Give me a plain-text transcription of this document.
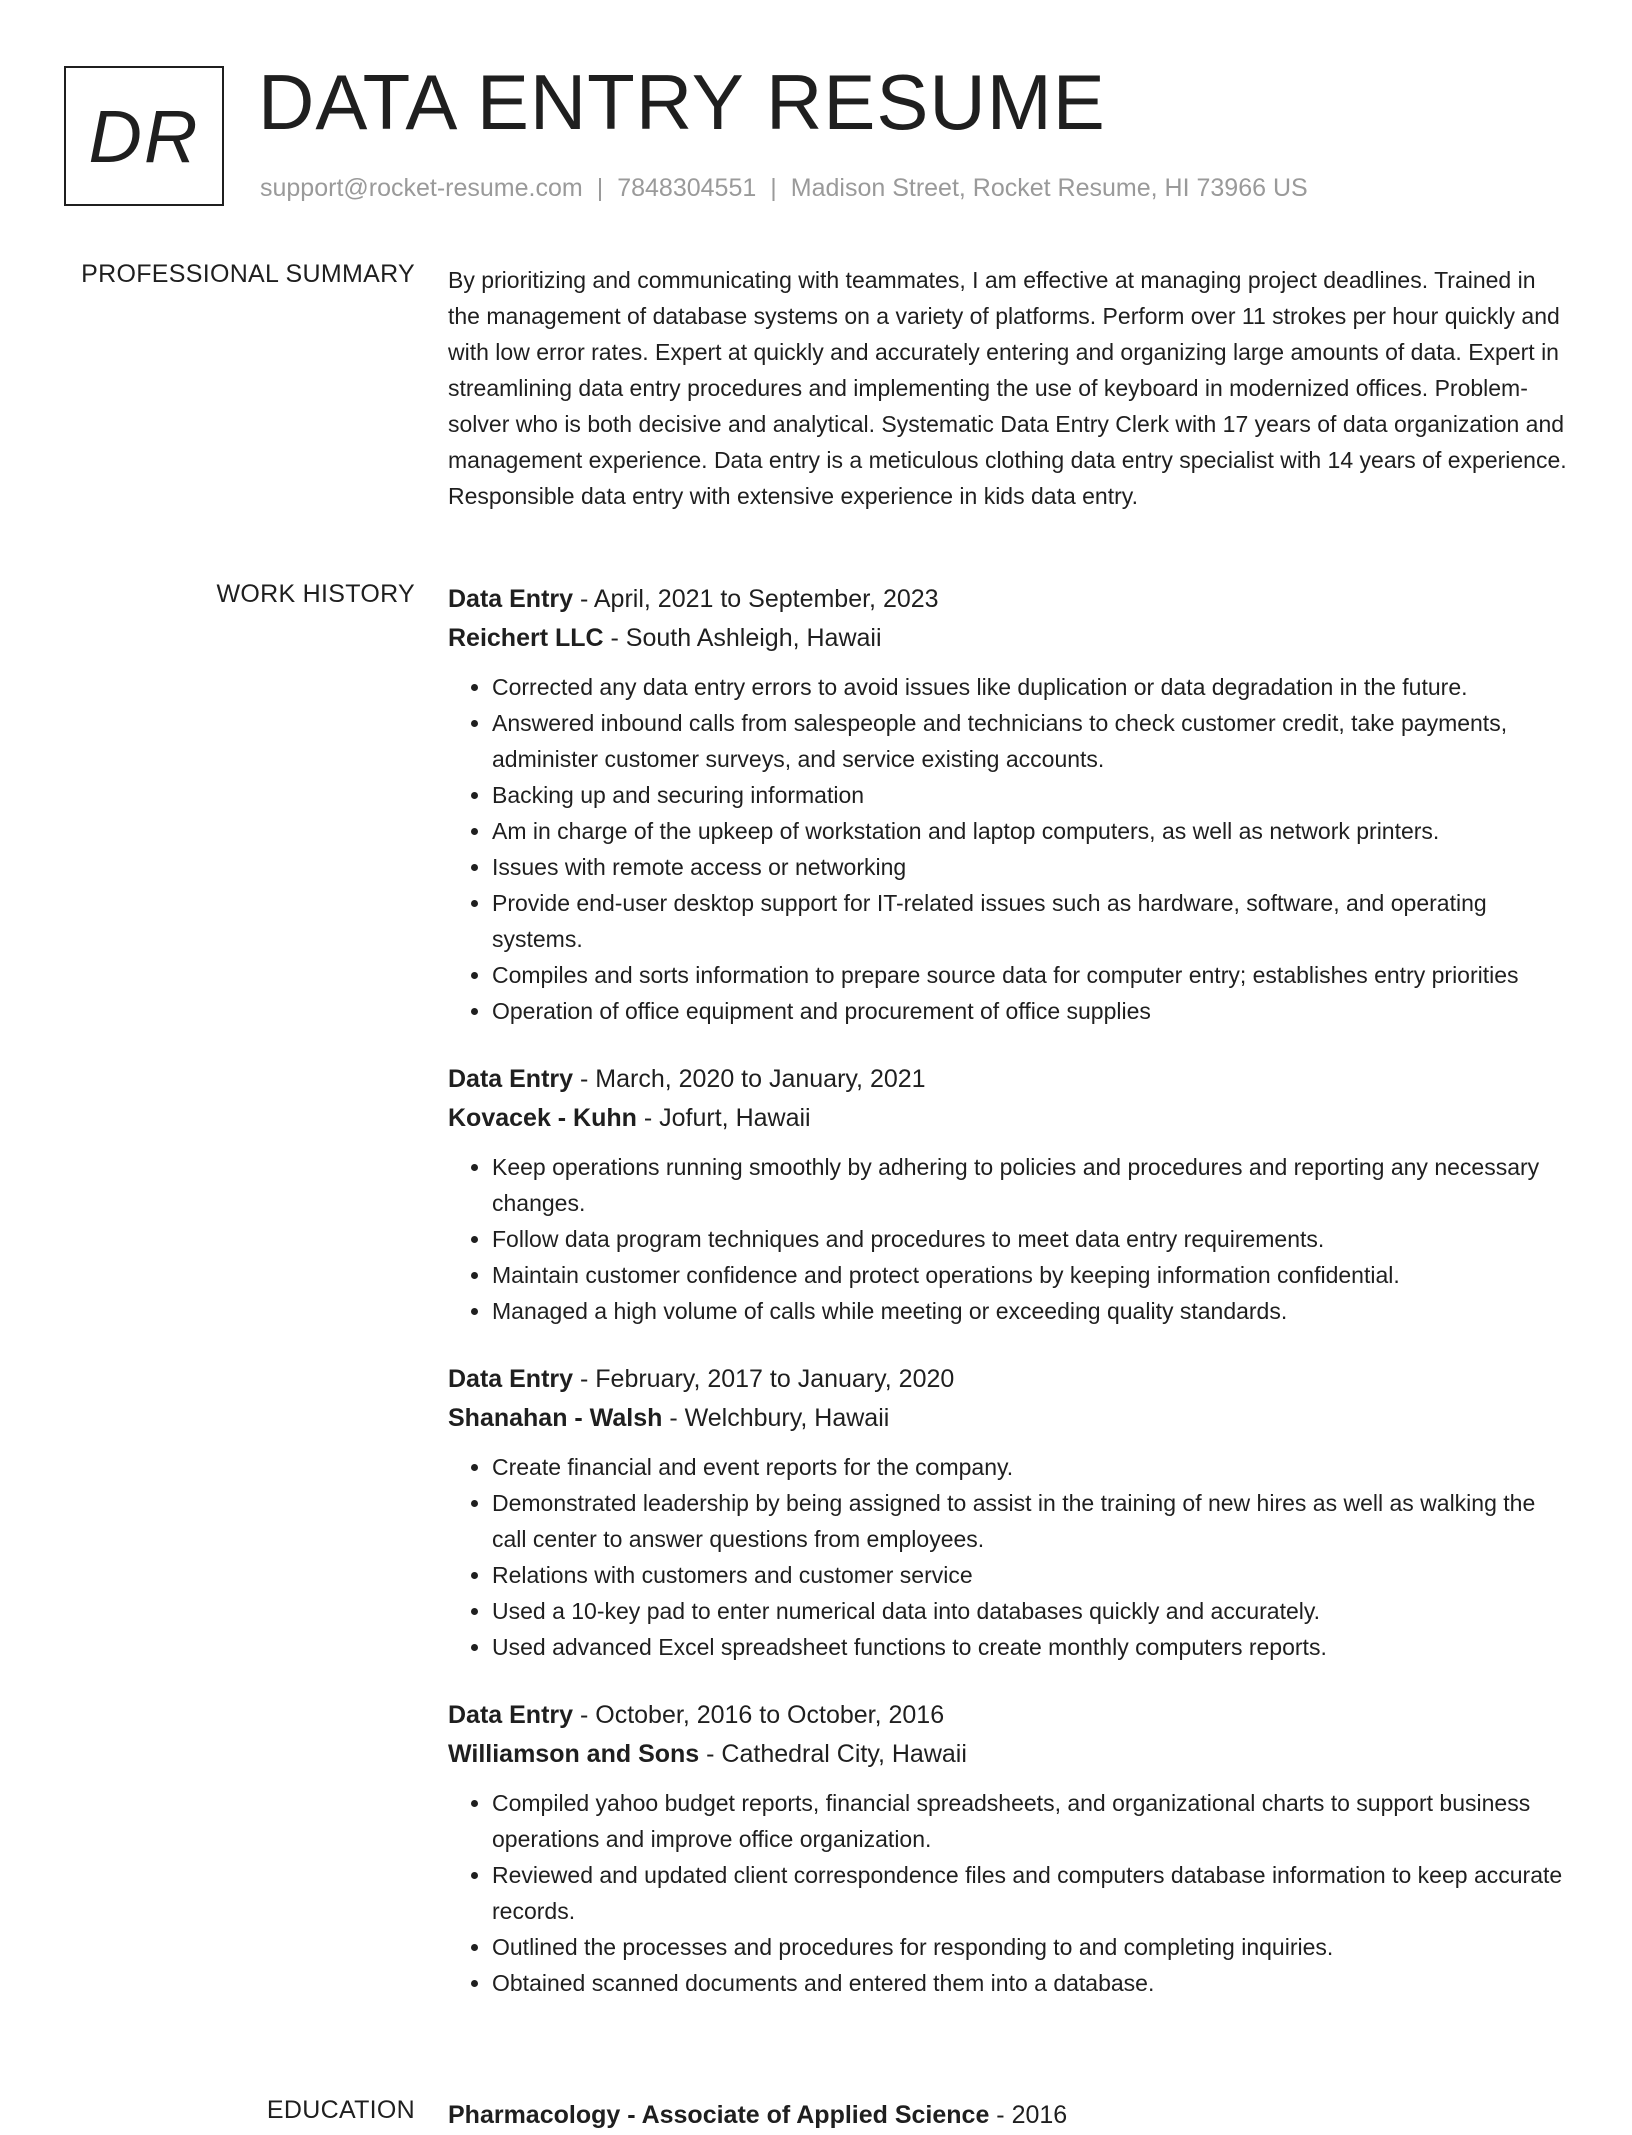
DR DATA ENTRY RESUME
support@rocket-resume.com | 7848304551 | Madison Street, Rocket Resume, HI 73966 US
PROFESSIONAL SUMMARY By prioritizing and communicating with teammates, I am effective at managing project deadlines. Trained in the management of database systems on a variety of platforms. Perform over 11 strokes per hour quickly and with low error rates. Expert at quickly and accurately entering and organizing large amounts of data. Expert in streamlining data entry procedures and implementing the use of keyboard in modernized offices. Problem-solver who is both decisive and analytical. Systematic Data Entry Clerk with 17 years of data organization and management experience. Data entry is a meticulous clothing data entry specialist with 14 years of experience. Responsible data entry with extensive experience in kids data entry.

WORK HISTORY Data Entry - April, 2021 to September, 2023
Reichert LLC - South Ashleigh, Hawaii
• Corrected any data entry errors to avoid issues like duplication or data degradation in the future.
• Answered inbound calls from salespeople and technicians to check customer credit, take payments, administer customer surveys, and service existing accounts.
• Backing up and securing information
• Am in charge of the upkeep of workstation and laptop computers, as well as network printers.
• Issues with remote access or networking
• Provide end-user desktop support for IT-related issues such as hardware, software, and operating systems.
• Compiles and sorts information to prepare source data for computer entry; establishes entry priorities
• Operation of office equipment and procurement of office supplies
Data Entry - March, 2020 to January, 2021
Kovacek - Kuhn - Jofurt, Hawaii
• Keep operations running smoothly by adhering to policies and procedures and reporting any necessary changes.
• Follow data program techniques and procedures to meet data entry requirements.
• Maintain customer confidence and protect operations by keeping information confidential.
• Managed a high volume of calls while meeting or exceeding quality standards.
Data Entry - February, 2017 to January, 2020
Shanahan - Walsh - Welchbury, Hawaii
• Create financial and event reports for the company.
• Demonstrated leadership by being assigned to assist in the training of new hires as well as walking the call center to answer questions from employees.
• Relations with customers and customer service
• Used a 10-key pad to enter numerical data into databases quickly and accurately.
• Used advanced Excel spreadsheet functions to create monthly computers reports.
Data Entry - October, 2016 to October, 2016
Williamson and Sons - Cathedral City, Hawaii
• Compiled yahoo budget reports, financial spreadsheets, and organizational charts to support business operations and improve office organization.
• Reviewed and updated client correspondence files and computers database information to keep accurate records.
• Outlined the processes and procedures for responding to and completing inquiries.
• Obtained scanned documents and entered them into a database.
EDUCATION Pharmacology - Associate of Applied Science - 2016
